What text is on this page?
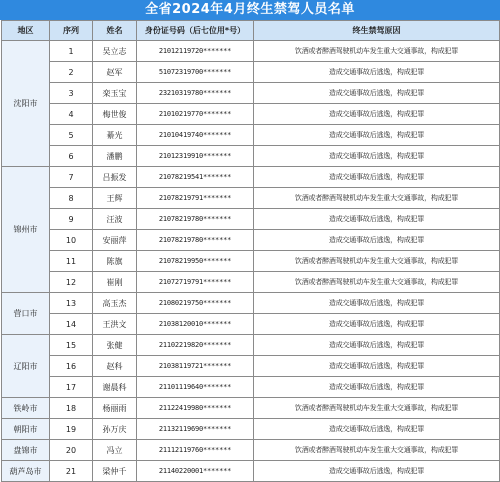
全省2024年4月终生禁驾人员名单
地区	序列	姓名	身份证号码（后七位用*号）	终生禁驾原因
沈阳市	1	吴立志	21012119720*******	饮酒或者醉酒驾驶机动车发生重大交通事故，构成犯罪
	2	赵军	51072319700*******	造成交通事故后逃逸，构成犯罪
	3	栾玉宝	23210319780*******	造成交通事故后逃逸，构成犯罪
	4	梅世俊	21010219770*******	造成交通事故后逃逸，构成犯罪
	5	綦光	21010419740*******	造成交通事故后逃逸，构成犯罪
	6	潘鹏	21012319910*******	造成交通事故后逃逸，构成犯罪
锦州市	7	吕振发	21078219541*******	造成交通事故后逃逸，构成犯罪
	8	王辉	21078219791*******	饮酒或者醉酒驾驶机动车发生重大交通事故，构成犯罪
	9	汪波	21078219780*******	造成交通事故后逃逸，构成犯罪
	10	安丽萍	21078219780*******	造成交通事故后逃逸，构成犯罪
	11	陈旗	21078219950*******	饮酒或者醉酒驾驶机动车发生重大交通事故，构成犯罪
	12	崔刚	21072719791*******	饮酒或者醉酒驾驶机动车发生重大交通事故，构成犯罪
营口市	13	高玉杰	21080219750*******	造成交通事故后逃逸，构成犯罪
	14	王洪文	21038120010*******	造成交通事故后逃逸，构成犯罪
辽阳市	15	张健	21102219820*******	造成交通事故后逃逸，构成犯罪
	16	赵科	21038119721*******	造成交通事故后逃逸，构成犯罪
	17	谢晨科	21101119640*******	造成交通事故后逃逸，构成犯罪
铁岭市	18	杨丽雨	21122419980*******	饮酒或者醉酒驾驶机动车发生重大交通事故，构成犯罪
朝阳市	19	孙万庆	21132119690*******	造成交通事故后逃逸，构成犯罪
盘锦市	20	冯立	21112119760*******	饮酒或者醉酒驾驶机动车发生重大交通事故，构成犯罪
葫芦岛市	21	梁仲千	21140220001*******	造成交通事故后逃逸，构成犯罪
